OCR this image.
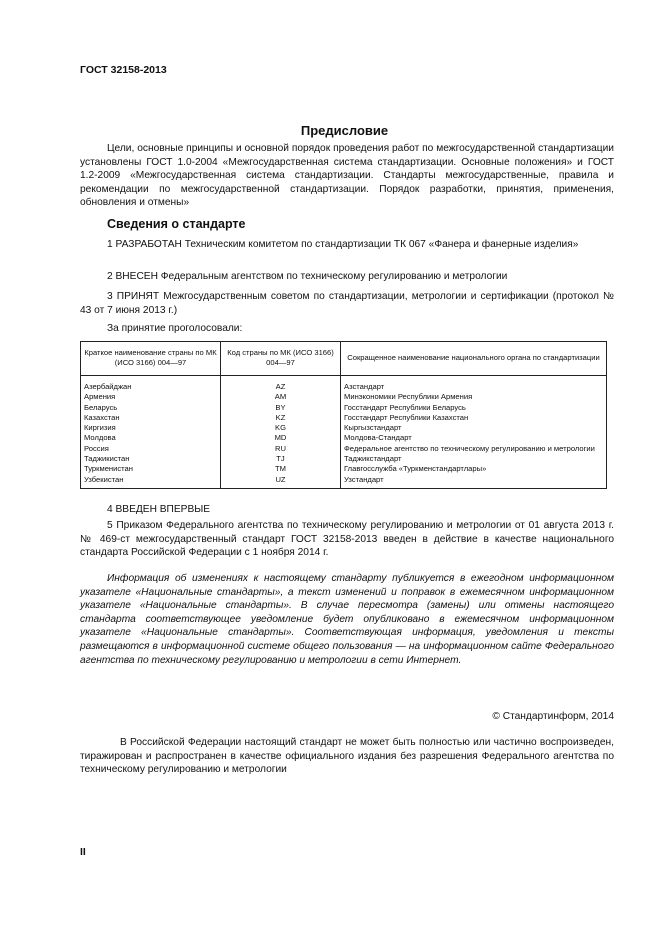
ГОСТ 32158-2013
Предисловие
Цели, основные принципы и основной порядок проведения работ по межгосударственной стандартизации установлены ГОСТ 1.0-2004 «Межгосударственная система стандартизации. Основные положения» и ГОСТ 1.2-2009 «Межгосударственная система стандартизации. Стандарты межгосударственные, правила и рекомендации по межгосударственной стандартизации. Порядок разработки, принятия, применения, обновления и отмены»
Сведения о стандарте
1 РАЗРАБОТАН Техническим комитетом по стандартизации ТК 067 «Фанера и фанерные изделия»
2 ВНЕСЕН Федеральным агентством по техническому регулированию и метрологии
3 ПРИНЯТ Межгосударственным советом по стандартизации, метрологии и сертификации (протокол № 43 от 7 июня 2013 г.)
За принятие проголосовали:
Краткое наименование страны по МК (ИСО 3166) 004—97	Код страны по МК (ИСО 3166) 004—97	Сокращенное наименование национального органа по стандартизации
Азербайджан	AZ	Азстандарт
Армения	AM	Минэкономики Республики Армения
Беларусь	BY	Госстандарт Республики Беларусь
Казахстан	KZ	Госстандарт Республики Казахстан
Киргизия	KG	Кыргызстандарт
Молдова	MD	Молдова-Стандарт
Россия	RU	Федеральное агентство по техническому регулированию и метрологии
Таджикистан	TJ	Таджикстандарт
Туркменистан	TM	Главгосслужба «Туркменстандартлары»
Узбекистан	UZ	Узстандарт
4 ВВЕДЕН ВПЕРВЫЕ
5 Приказом Федерального агентства по техническому регулированию и метрологии от 01 августа 2013 г. № 469-ст межгосударственный стандарт ГОСТ 32158-2013 введен в действие в качестве национального стандарта Российской Федерации с 1 ноября 2014 г.
Информация об изменениях к настоящему стандарту публикуется в ежегодном информационном указателе «Национальные стандарты», а текст изменений и поправок в ежемесячном информационном указателе «Национальные стандарты». В случае пересмотра (замены) или отмены настоящего стандарта соответствующее уведомление будет опубликовано в ежемесячном информационном указателе «Национальные стандарты». Соответствующая информация, уведомления и тексты размещаются в информационной системе общего пользования — на информационном сайте Федерального агентства по техническому регулированию и метрологии в сети Интернет.
© Стандартинформ, 2014
В Российской Федерации настоящий стандарт не может быть полностью или частично воспроизведен, тиражирован и распространен в качестве официального издания без разрешения Федерального агентства по техническому регулированию и метрологии
II
